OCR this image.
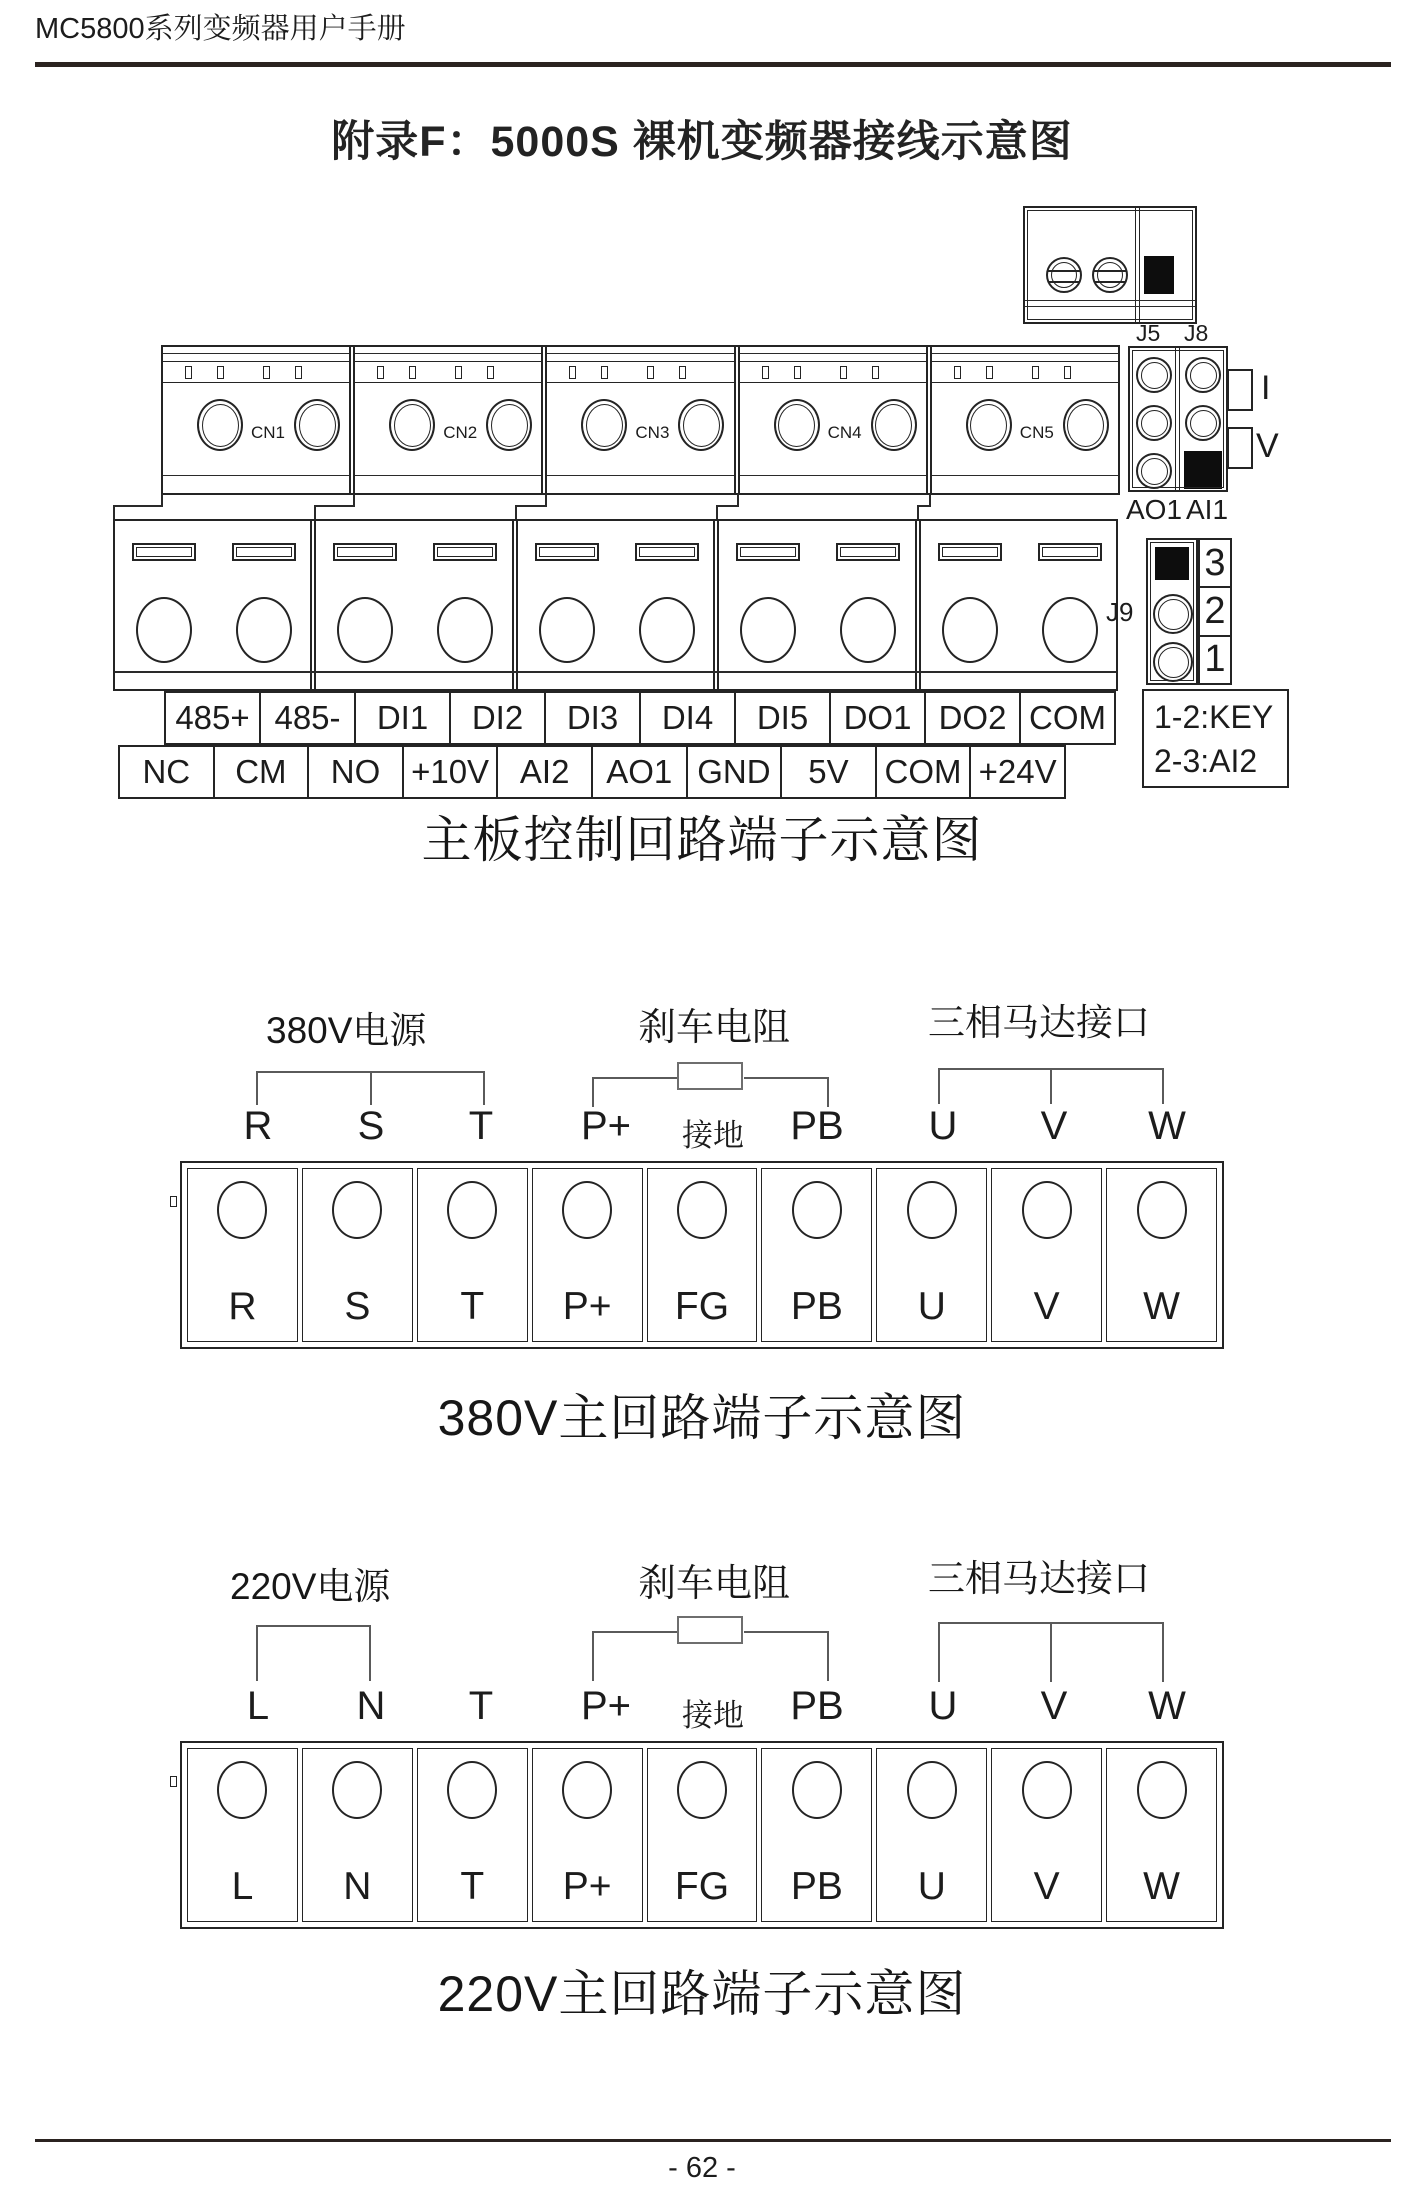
MC5800系列变频器用户手册
附录F：5000S 裸机变频器接线示意图
J5 J8
I
V
AO1 AI1
CN1	CN2	CN3	CN4	CN5
3
2
1
J9
485+ 485- DI1 DI2 DI3 DI4 DI5 DO1 DO2 COM
NC CM NO +10V AI2 AO1 GND 5V COM +24V
1-2:KEY
2-3:AI2
主板控制回路端子示意图
380V电源	刹车电阻	三相马达接口
R S T P+ 接地 PB U V W
R	S	T	P+	FG	PB	U	V	W
380V主回路端子示意图
220V电源	刹车电阻	三相马达接口
L N T P+ 接地 PB U V W
L	N	T	P+	FG	PB	U	V	W
220V主回路端子示意图
- 62 -
